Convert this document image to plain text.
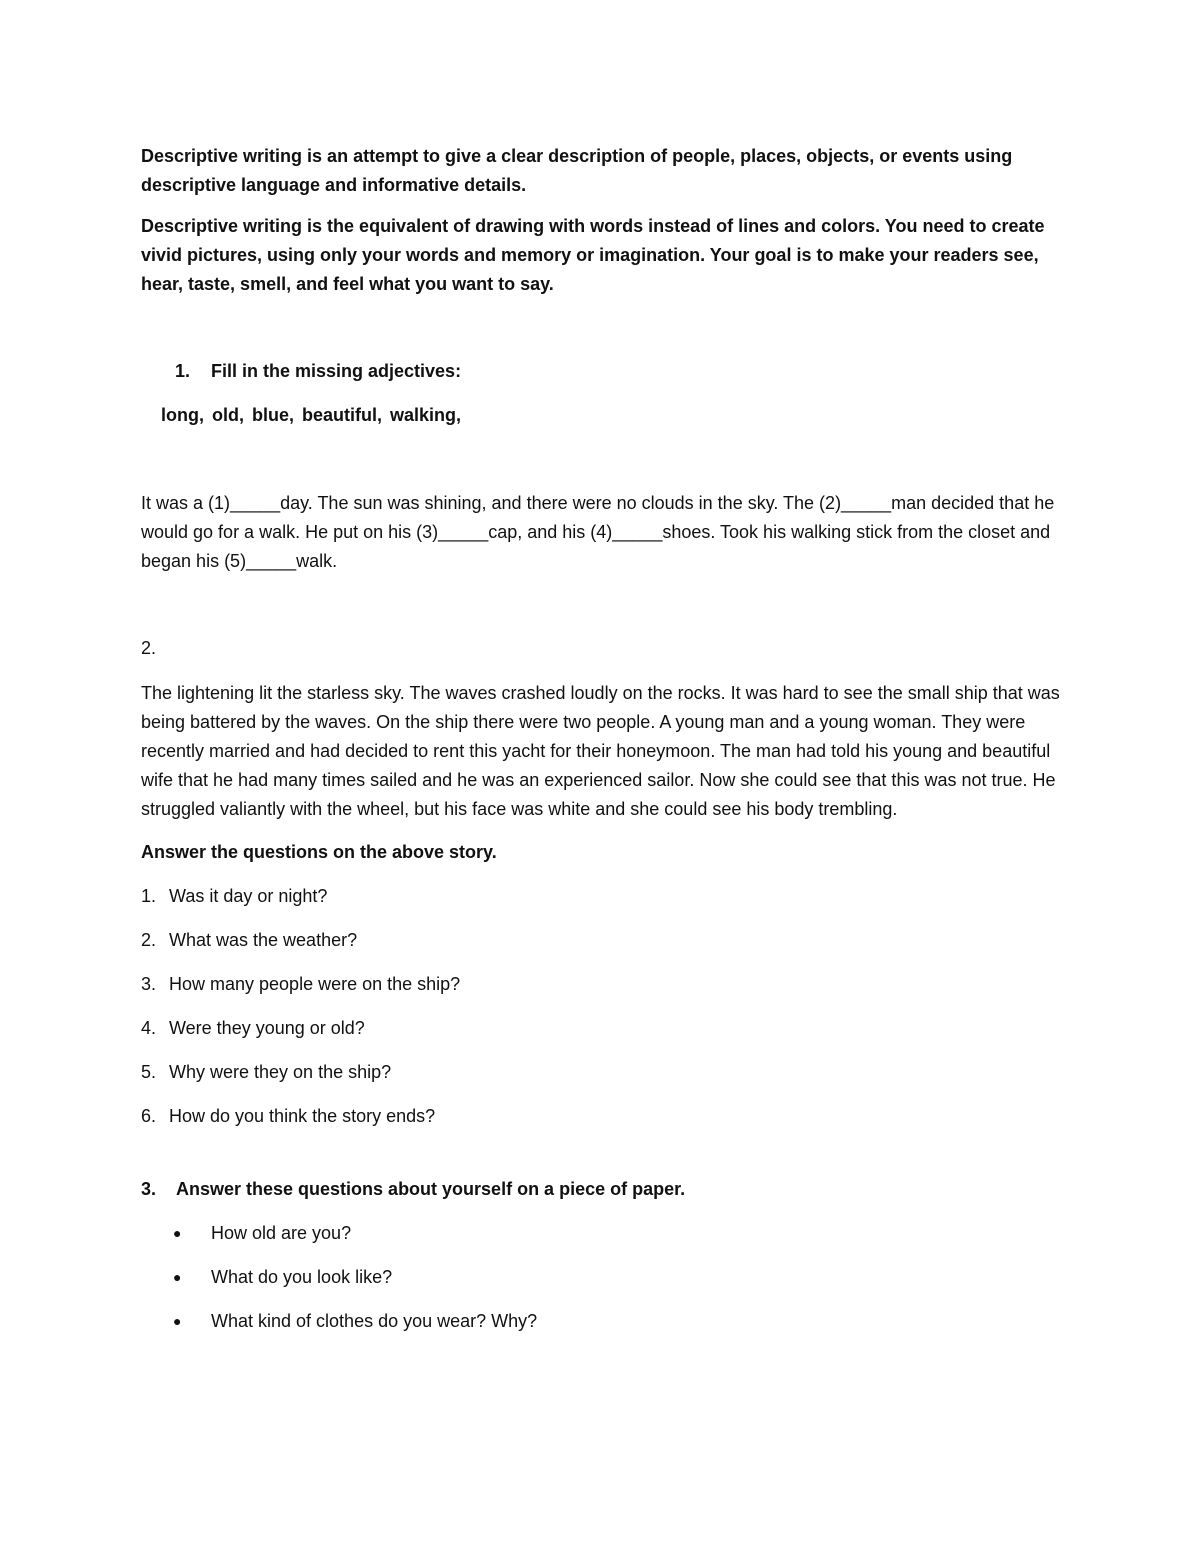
Descriptive writing is an attempt to give a clear description of people, places, objects, or events using descriptive language and informative details.

Descriptive writing is the equivalent of drawing with words instead of lines and colors. You need to create vivid pictures, using only your words and memory or imagination. Your goal is to make your readers see, hear, taste, smell, and feel what you want to say.

1.	Fill in the missing adjectives:

long, old, blue, beautiful, walking,

It was a (1)_____day. The sun was shining, and there were no clouds in the sky. The (2)_____man decided that he would go for a walk. He put on his (3)_____cap, and his (4)_____shoes. Took his walking stick from the closet and began his (5)_____walk.

2.

The lightening lit the starless sky. The waves crashed loudly on the rocks. It was hard to see the small ship that was being battered by the waves. On the ship there were two people. A young man and a young woman. They were recently married and had decided to rent this yacht for their honeymoon. The man had told his young and beautiful wife that he had many times sailed and he was an experienced sailor. Now she could see that this was not true. He struggled valiantly with the wheel, but his face was white and she could see his body trembling.

Answer the questions on the above story.

1. Was it day or night?
2. What was the weather?
3. How many people were on the ship?
4. Were they young or old?
5. Why were they on the ship?
6. How do you think the story ends?
3.	Answer these questions about yourself on a piece of paper.
●	How old are you?
●	What do you look like?
●	What kind of clothes do you wear? Why?
